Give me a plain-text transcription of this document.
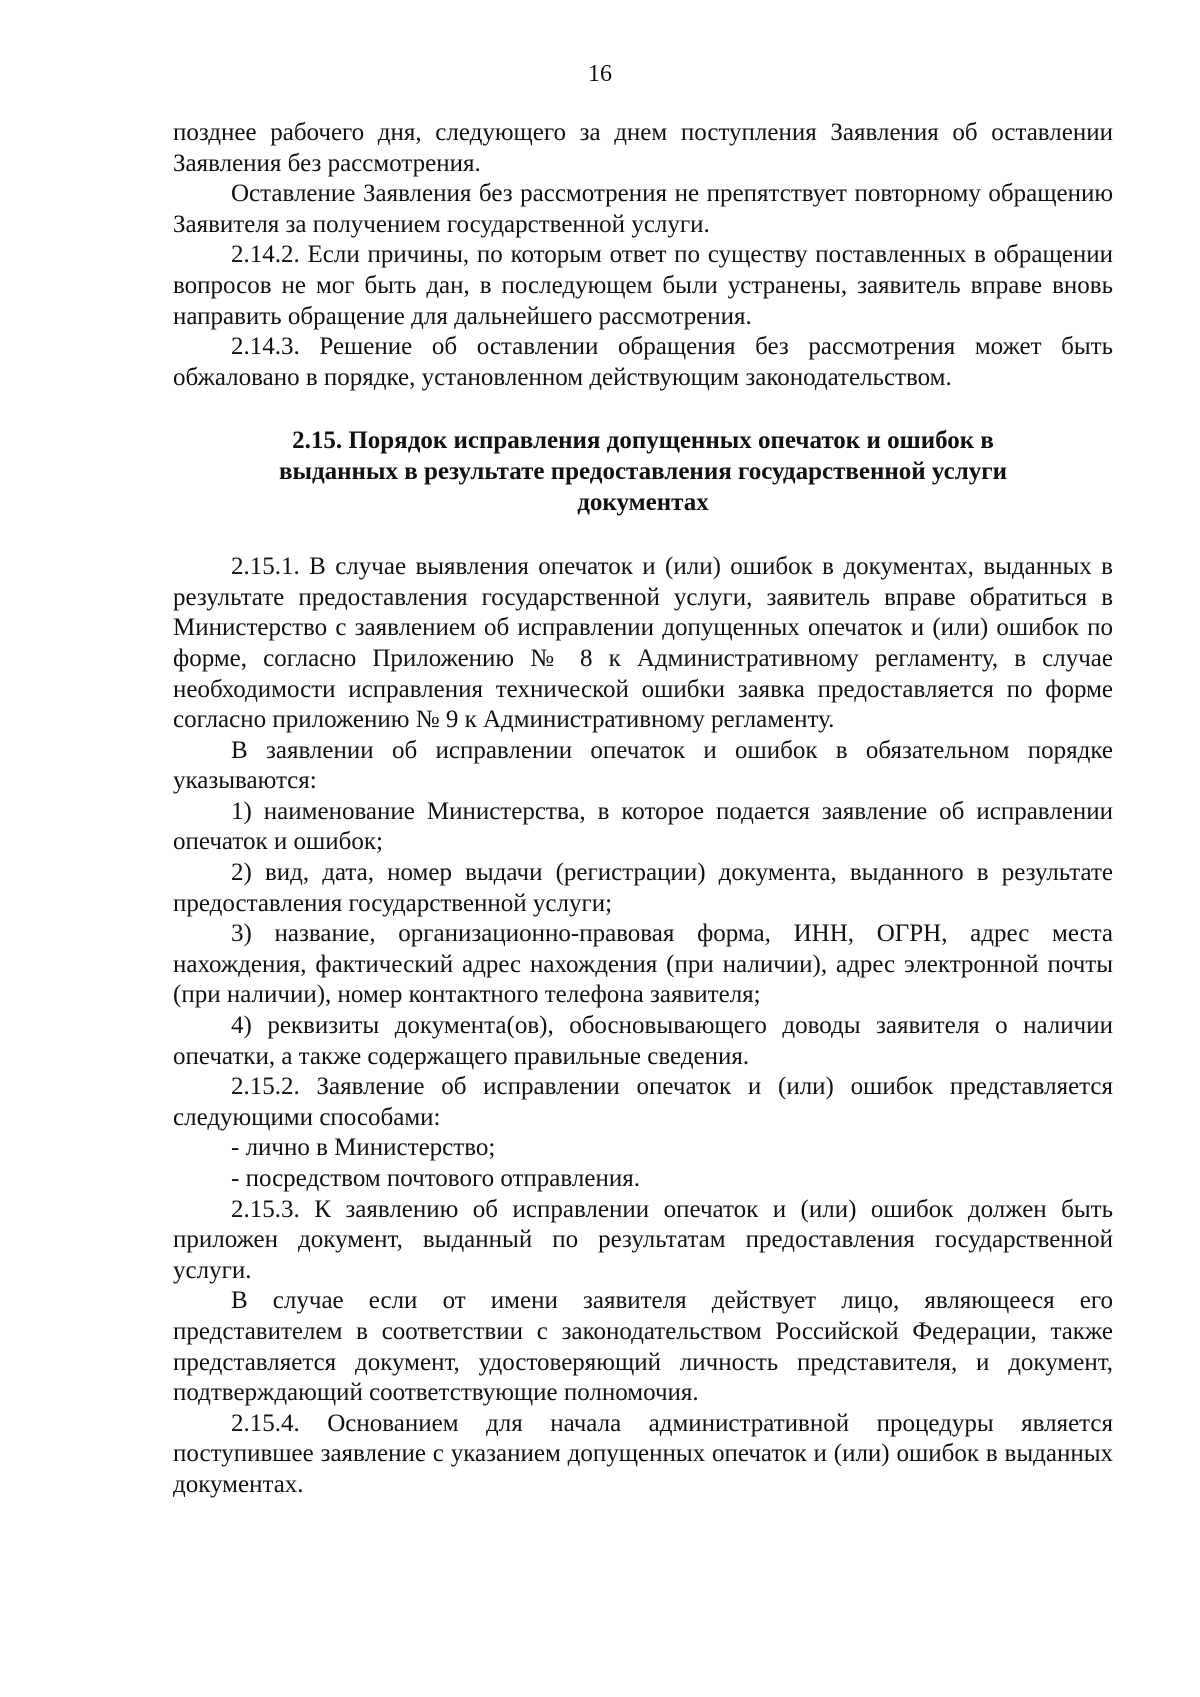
16

позднее рабочего дня, следующего за днем поступления Заявления об оставлении Заявления без рассмотрения.

Оставление Заявления без рассмотрения не препятствует повторному обращению Заявителя за получением государственной услуги.

2.14.2. Если причины, по которым ответ по существу поставленных в обращении вопросов не мог быть дан, в последующем были устранены, заявитель вправе вновь направить обращение для дальнейшего рассмотрения.

2.14.3. Решение об оставлении обращения без рассмотрения может быть обжаловано в порядке, установленном действующим законодательством.

2.15. Порядок исправления допущенных опечаток и ошибок в
выданных в результате предоставления государственной услуги
документах

2.15.1. В случае выявления опечаток и (или) ошибок в документах, выданных в результате предоставления государственной услуги, заявитель вправе обратиться в Министерство с заявлением об исправлении допущенных опечаток и (или) ошибок по форме, согласно Приложению № 8 к Административному регламенту, в случае необходимости исправления технической ошибки заявка предоставляется по форме согласно приложению № 9 к Административному регламенту.

В заявлении об исправлении опечаток и ошибок в обязательном порядке указываются:

1) наименование Министерства, в которое подается заявление об исправлении опечаток и ошибок;

2) вид, дата, номер выдачи (регистрации) документа, выданного в результате предоставления государственной услуги;

3) название, организационно-правовая форма, ИНН, ОГРН, адрес места нахождения, фактический адрес нахождения (при наличии), адрес электронной почты (при наличии), номер контактного телефона заявителя;

4) реквизиты документа(ов), обосновывающего доводы заявителя о наличии опечатки, а также содержащего правильные сведения.

2.15.2. Заявление об исправлении опечаток и (или) ошибок представляется следующими способами:

- лично в Министерство;

- посредством почтового отправления.

2.15.3. К заявлению об исправлении опечаток и (или) ошибок должен быть приложен документ, выданный по результатам предоставления государственной услуги.

В случае если от имени заявителя действует лицо, являющееся его представителем в соответствии с законодательством Российской Федерации, также представляется документ, удостоверяющий личность представителя, и документ, подтверждающий соответствующие полномочия.

2.15.4. Основанием для начала административной процедуры является поступившее заявление с указанием допущенных опечаток и (или) ошибок в выданных документах.
